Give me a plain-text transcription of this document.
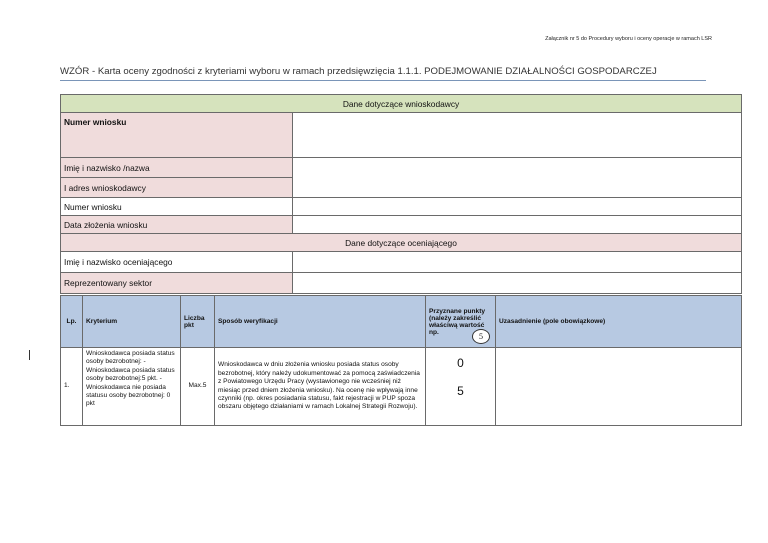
Załącznik nr 5 do Procedury wyboru i oceny operacje w ramach LSR
WZÓR - Karta oceny zgodności z kryteriami wyboru w ramach przedsięwzięcia 1.1.1. PODEJMOWANIE DZIAŁALNOŚCI GOSPODARCZEJ
Dane dotyczące wnioskodawcy	
Numer wniosku	
Imię i nazwisko /nazwa	
I adres wnioskodawcy	
Numer wniosku	
Data złożenia wniosku	
Dane dotyczące oceniającego	
Imię i nazwisko oceniającego	
Reprezentowany sektor	
Lp.	Kryterium	Liczba pkt	Sposób weryfikacji	Przyznane punkty (należy zakreślić właściwą wartość np.	Uzasadnienie (pole obowiązkowe)
1.	Wnioskodawca posiada status osoby bezrobotnej: - Wnioskodawca posiada status osoby bezrobotnej:5 pkt. - Wnioskodawca nie posiada statusu osoby bezrobotnej: 0 pkt	Max.5	Wnioskodawca w dniu złożenia wniosku posiada status osoby bezrobotnej, który należy udokumentować za pomocą zaświadczenia z Powiatowego Urzędu Pracy (wystawionego nie wcześniej niż miesiąc przed dniem złożenia wniosku). Na ocenę nie wpływają inne czynniki (np. okres posiadania statusu, fakt rejestracji w PUP spoza obszaru objętego działaniami w ramach Lokalnej Strategii Rozwoju).	0
5	

5
